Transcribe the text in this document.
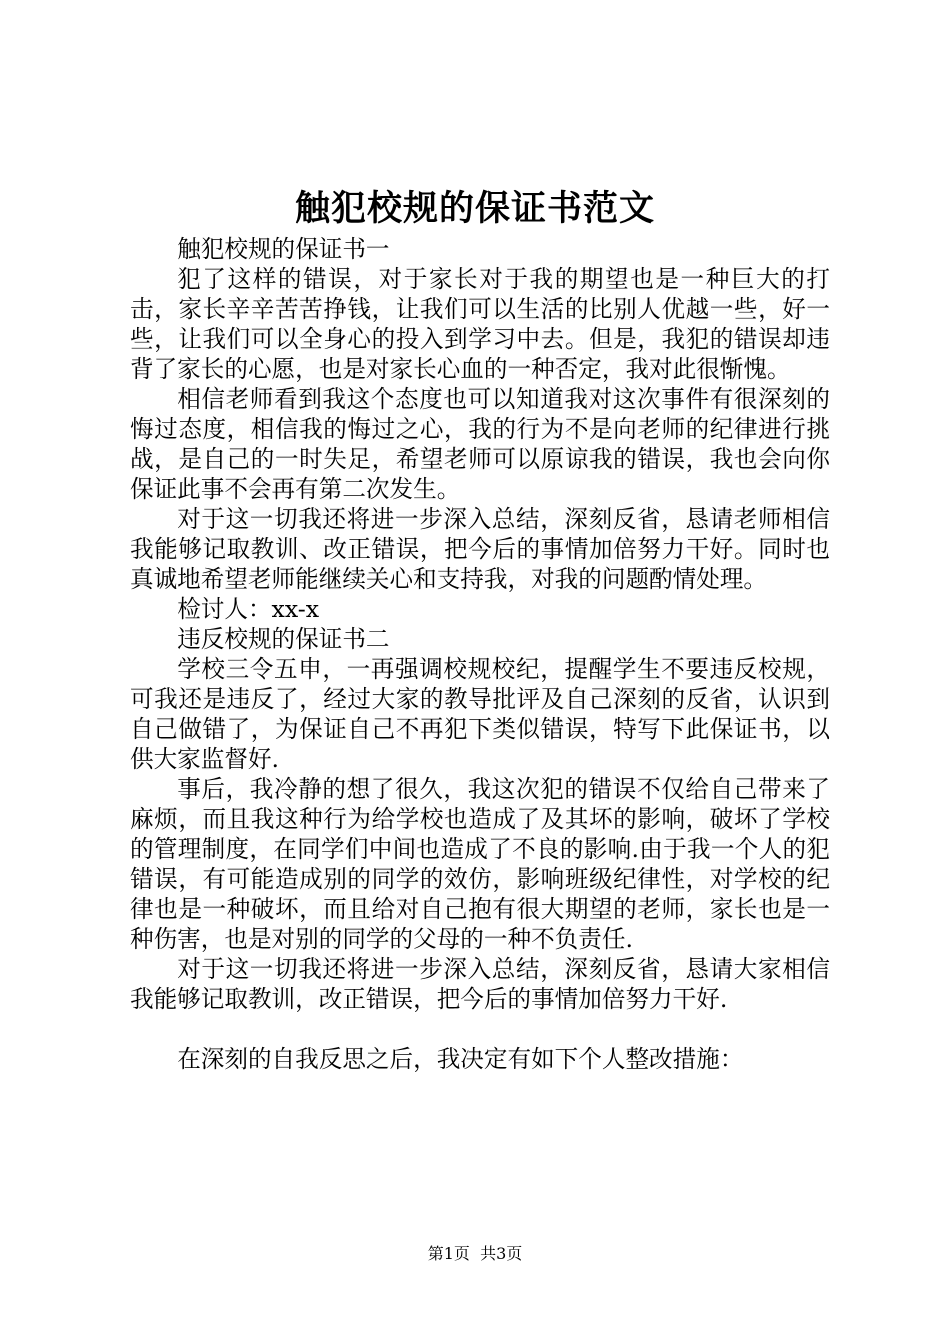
触犯校规的保证书范文

触犯校规的保证书一

犯了这样的错误，对于家长对于我的期望也是一种巨大的打击，家长辛辛苦苦挣钱，让我们可以生活的比别人优越一些，好一些，让我们可以全身心的投入到学习中去。但是，我犯的错误却违背了家长的心愿，也是对家长心血的一种否定，我对此很惭愧。

相信老师看到我这个态度也可以知道我对这次事件有很深刻的悔过态度，相信我的悔过之心，我的行为不是向老师的纪律进行挑战，是自己的一时失足，希望老师可以原谅我的错误，我也会向你保证此事不会再有第二次发生。

对于这一切我还将进一步深入总结，深刻反省，恳请老师相信我能够记取教训、改正错误，把今后的事情加倍努力干好。同时也真诚地希望老师能继续关心和支持我，对我的问题酌情处理。

检讨人：xx-x

违反校规的保证书二

学校三令五申，一再强调校规校纪，提醒学生不要违反校规，可我还是违反了，经过大家的教导批评及自己深刻的反省，认识到自己做错了，为保证自己不再犯下类似错误，特写下此保证书，以供大家监督好.

事后，我冷静的想了很久，我这次犯的错误不仅给自己带来了麻烦，而且我这种行为给学校也造成了及其坏的影响，破坏了学校的管理制度，在同学们中间也造成了不良的影响.由于我一个人的犯错误，有可能造成别的同学的效仿，影响班级纪律性，对学校的纪律也是一种破坏，而且给对自己抱有很大期望的老师，家长也是一种伤害，也是对别的同学的父母的一种不负责任.

对于这一切我还将进一步深入总结，深刻反省，恳请大家相信我能够记取教训，改正错误，把今后的事情加倍努力干好.

在深刻的自我反思之后，我决定有如下个人整改措施：

第1页  共3页
